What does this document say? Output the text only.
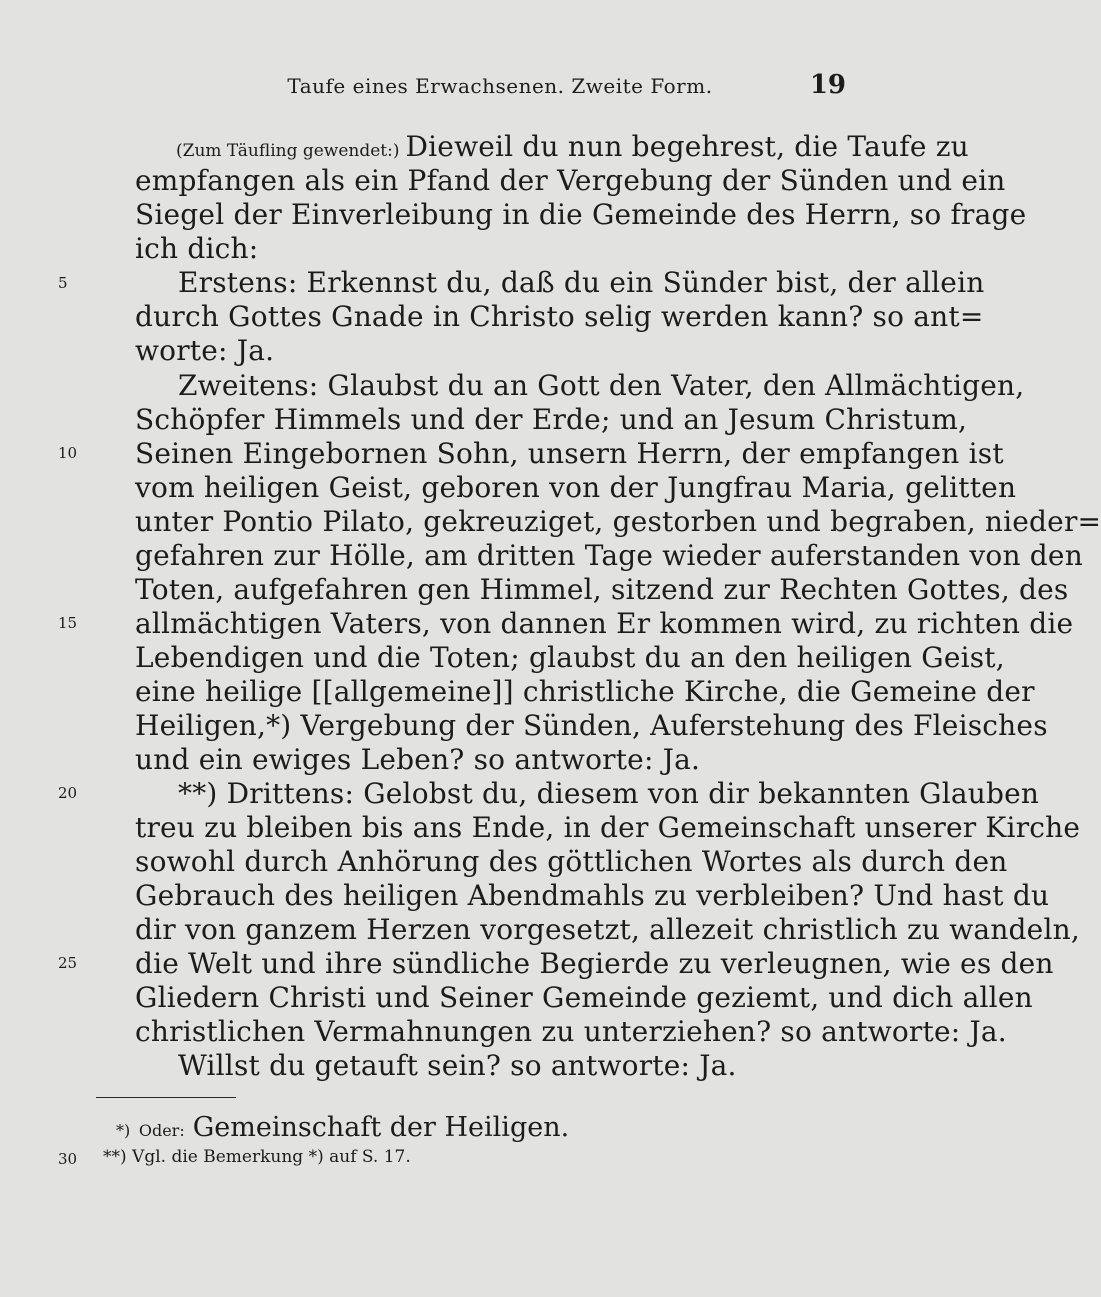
Taufe eines Erwachsenen. Zweite Form.	19
(Zum Täufling gewendet:) Dieweil du nun begehrest, die Taufe zu
empfangen als ein Pfand der Vergebung der Sünden und ein
Siegel der Einverleibung in die Gemeinde des Herrn, so frage
ich dich:
Erstens: Erkennst du, daß du ein Sünder bist, der allein
durch Gottes Gnade in Christo selig werden kann? so ant=
worte: Ja.
Zweitens: Glaubst du an Gott den Vater, den Allmächtigen,
Schöpfer Himmels und der Erde; und an Jesum Christum,
Seinen Eingebornen Sohn, unsern Herrn, der empfangen ist
vom heiligen Geist, geboren von der Jungfrau Maria, gelitten
unter Pontio Pilato, gekreuziget, gestorben und begraben, nieder=
gefahren zur Hölle, am dritten Tage wieder auferstanden von den
Toten, aufgefahren gen Himmel, sitzend zur Rechten Gottes, des
allmächtigen Vaters, von dannen Er kommen wird, zu richten die
Lebendigen und die Toten; glaubst du an den heiligen Geist,
eine heilige [[allgemeine]] christliche Kirche, die Gemeine der
Heiligen,*) Vergebung der Sünden, Auferstehung des Fleisches
und ein ewiges Leben? so antworte: Ja.
**) Drittens: Gelobst du, diesem von dir bekannten Glauben
treu zu bleiben bis ans Ende, in der Gemeinschaft unserer Kirche
sowohl durch Anhörung des göttlichen Wortes als durch den
Gebrauch des heiligen Abendmahls zu verbleiben? Und hast du
dir von ganzem Herzen vorgesetzt, allezeit christlich zu wandeln,
die Welt und ihre sündliche Begierde zu verleugnen, wie es den
Gliedern Christi und Seiner Gemeinde geziemt, und dich allen
christlichen Vermahnungen zu unterziehen? so antworte: Ja.
Willst du getauft sein? so antworte: Ja.
5
10
15
20
25
30
*) Oder: Gemeinschaft der Heiligen.
**) Vgl. die Bemerkung *) auf S. 17.
